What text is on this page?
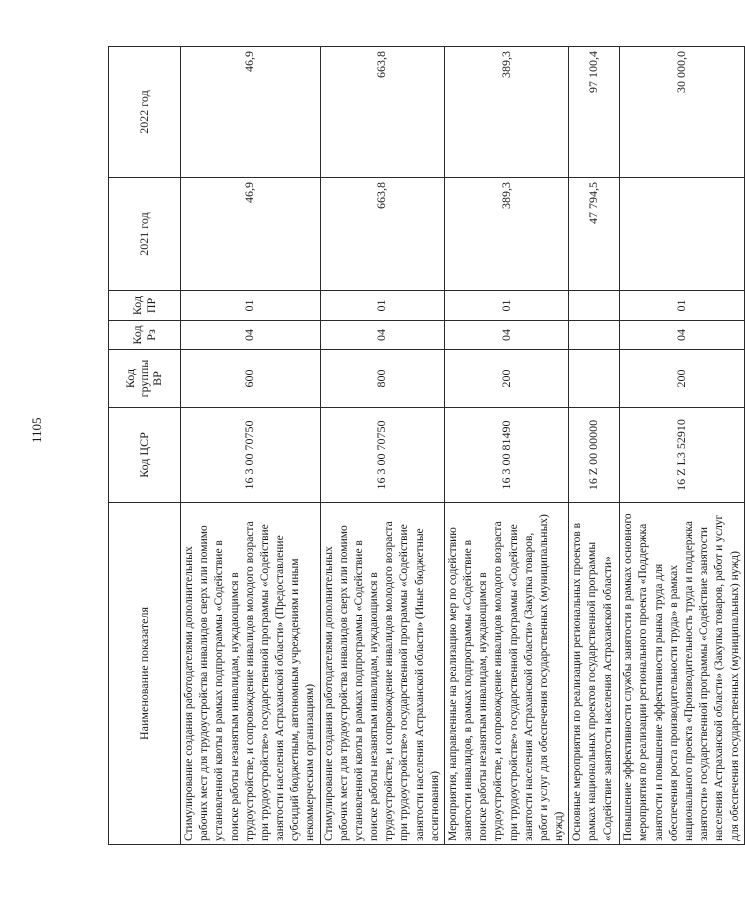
1105
Наименование показателя	Код ЦСР	Код группы ВР	Код Рз	Код ПР	2021 год	2022 год
Стимулирование создания работодателями дополнительных рабочих мест для трудоустройства инвалидов сверх или помимо установленной квоты в рамках подпрограммы «Содействие в поиске работы незанятым инвалидам, нуждающимся в трудоустройстве, и сопровождение инвалидов молодого возраста при трудоустройстве» государственной программы «Содействие занятости населения Астраханской области» (Предоставление субсидий бюджетным, автономным учреждениям и иным некоммерческим организациям)	16 3 00 70750	600	04	01	46,9	46,9
Стимулирование создания работодателями дополнительных рабочих мест для трудоустройства инвалидов сверх или помимо установленной квоты в рамках подпрограммы «Содействие в поиске работы незанятым инвалидам, нуждающимся в трудоустройстве, и сопровождение инвалидов молодого возраста при трудоустройстве» государственной программы «Содействие занятости населения Астраханской области» (Иные бюджетные ассигнования)	16 3 00 70750	800	04	01	663,8	663,8
Мероприятия, направленные на реализацию мер по содействию занятости инвалидов, в рамках подпрограммы «Содействие в поиске работы незанятым инвалидам, нуждающимся в трудоустройстве, и сопровождение инвалидов молодого возраста при трудоустройстве» государственной программы «Содействие занятости населения Астраханской области» (Закупка товаров, работ и услуг для обеспечения государственных (муниципальных) нужд)	16 3 00 81490	200	04	01	389,3	389,3
Основные мероприятия по реализации региональных проектов в рамках национальных проектов государственной программы «Содействие занятости населения Астраханской области»	16 Z 00 00000				47 794,5	97 100,4
Повышение эффективности службы занятости в рамках основного мероприятия по реализации регионального проекта «Поддержка занятости и повышение эффективности рынка труда для обеспечения роста производительности труда» в рамках национального проекта «Производительность труда и поддержка занятости» государственной программы «Содействие занятости населения Астраханской области» (Закупка товаров, работ и услуг для обеспечения государственных (муниципальных) нужд)	16 Z L3 52910	200	04	01		30 000,0
